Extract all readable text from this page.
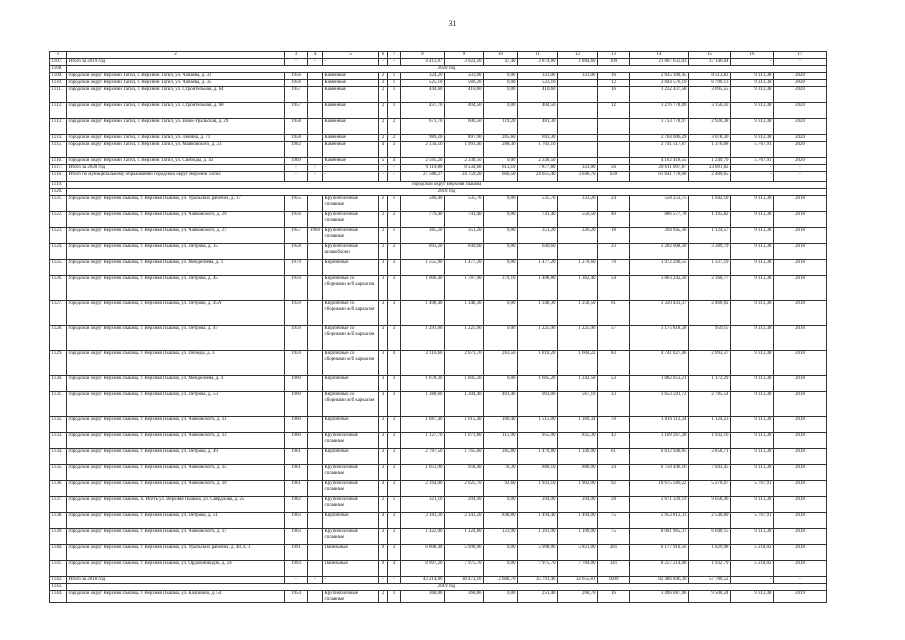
31
1	2	3	4	5	6	7	8	9	10	11	12	13	14	15	16	17
1107.	Итого за 2019 год	-	-	-	-	-	4 413,07	3 922,20	47,40	2 874,80	1 884,60	109	21 807 632,03	37 146,04	-	-
1108.	2020 год															
1109.	городской округ Верхний Тагил, г. Верхний Тагил, ул. Чапаева, д. 33	1956		Каменные	2	1	324,20	333,00	0,00	333,00	333,00	16	2 835 100,45	8 513,82	9 313,38	2020
1110.	городской округ Верхний Тагил, г. Верхний Тагил, ул. Чапаева, д. 35	1956		Каменные	2	1	525,10	566,20	0,00	523,10		12	3 844 576,19	6 790,13	9 313,38	2020
1111.	городской округ Верхний Тагил, г. Верхний Тагил, ул. Строительная, д. 64	1957		Каменные	2	1	444,60	410,60	0,00	410,60		16	1 232 437,58	3 095,55	9 313,38	2020
1112.	городской округ Верхний Тагил, г. Верхний Тагил, ул. Строительная, д. 68	1957		Каменные	2	1	437,70	404,50	0,00	404,50		12	1 276 778,09	3 156,43	9 313,38	2020
1113.	городской округ Верхний Тагил, г. Верхний Тагил, ул. Ново-Уральская, д. 29	1958		Каменные	2	2	671,70	600,50	119,20	481,30			1 733 778,97	2 920,38	9 313,38	2020
1114.	городской округ Верхний Тагил, г. Верхний Тагил, ул. Ленина, д. 71	1958		Каменные	2	2	989,20	897,90	205,60	692,30			2 764 006,29	3 078,30	9 313,38	2020
1115.	городской округ Верхний Тагил, г. Верхний Тагил, ул. Маяковского, д. 23	1962		Каменные	4	3	2 134,10	1 991,40	288,30	1 703,10			2 741 517,67	1 376,68	5 767,91	2020
1116.	городской округ Верхний Тагил, г. Верхний Тагил, ул. Свободы, д. 43	1969		Каменные	5	4	2 595,20	2 330,50	0,00	2 330,50			4 162 418,55	1 249,79	5 767,91	2020
1117.	Итого за 2020 год	-	-	-	-	-	9 119,80	8 534,60	613,10	7 877,80	333,00	56	20 611 097,87	23 091,82	-	-
1118.	Итого по муниципальному образованию городской округ Верхний Тагил	-	-	-	-	-	27 588,27	24 759,20	660,50	24 055,40	3 046,70	639	61 641 778,00	2 489,65	-	-
1119.	городской округ Верхняя Пышма															
1120.	2018 год															
1121.	городской округ Верхняя Пышма, г. Верхняя Пышма, ул. Уральских рабочих, д. 17	1955		Крупноблочные сплавные	2	1	580,40	535,70	0,00	535,70	333,20	24	558 253,75	1 042,10	9 313,38	2018
1122.	городской округ Верхняя Пышма, г. Верхняя Пышма, ул. Чайковского, д. 29	1956		Крупноблочные сплавные	2	2	779,40	741,40	0,00	741,40	550,50	40	886 577,78	1 195,82	9 313,38	2018
1123.	городской округ Верхняя Пышма, г. Верхняя Пышма, ул. Чайковского, д. 27	1957	1969	Крупноблочные сплавные	2	1	385,20	351,20	0,00	351,20	226,20	18	394 945,30	1 124,57	9 313,38	2018
1124.	городской округ Верхняя Пышма, г. Верхняя Пышма, ул. Петрова, д. 15	1958		Крупноблочные шлакоблоки	2	2	693,20	649,60	0,00	649,60		23	2 202 008,39	3 389,79	9 313,38	2018
1125.	городской округ Верхняя Пышма, г. Верхняя Пышма, ул. Менделеева, д. 1	1979		Кирпичные	3	3	1 555,90	1 477,20	0,00	1 477,20	1 270,60	70	1 972 290,55	1 337,19	9 313,38	2018
1126.	городской округ Верхняя Пышма, г. Верхняя Пышма, ул. Петрова, д. 45	1959		Кирпичные со сборными ж/б каркасом	3	3	1 906,40	1 787,90	379,10	1 408,80	1 362,40	54	3 863 242,20	2 160,77	9 313,38	2018
1127.	городской округ Верхняя Пышма, г. Верхняя Пышма, ул. Петрова, д. 45А	1959		Кирпичные со сборными ж/б каркасом	3	3	1 498,40	1 346,30	0,00	1 346,30	1 250,50	61	3 320 433,37	2 466,02	9 313,38	2018
1128.	городской округ Верхняя Пышма, г. Верхняя Пышма, ул. Петрова, д. 47	1959		Кирпичные со сборными ж/б каркасом	3	3	1 291,00	1 225,90	0,00	1 225,90	1 225,90	57	1 175 818,28	959,15	9 313,38	2018
1129.	городской округ Верхняя Пышма, г. Верхняя Пышма, ул. Победы, д. 3	1959		Кирпичные со сборными ж/б каркасом	3	4	2 116,60	2 073,70	263,50	1 810,20	1 604,22	83	4 741 027,46	2 093,37	9 313,38	2018
1130.	городской округ Верхняя Пышма, г. Верхняя Пышма, ул. Менделеева, д. 4	1960		Кирпичные	3	3	1 678,30	1 605,20	0,00	1 605,20	1 242,50	53	1 882 053,21	1 172,29	9 313,38	2018
1131.	городской округ Верхняя Пышма, г. Верхняя Пышма, ул. Петрова, д. 53	1960		Кирпичные со сборными ж/б каркасом	3	3	1 380,60	1 304,40	401,40	903,00	567,10	33	3 653 591,72	2 785,54	9 313,38	2018
1132.	городской округ Верхняя Пышма, г. Верхняя Пышма, ул. Чайковского, д. 31	1960		Кирпичные	3	3	1 687,40	1 615,40	100,40	1 515,00	1 369,34	70	1 816 112,24	1 124,23	9 313,38	2018
1133.	городской округ Верхняя Пышма, г. Верхняя Пышма, ул. Чайковского, д. 33	1960		Крупноблочные сплавные	3	2	1 127,70	1 071,80	115,90	955,90	835,30	42	1 109 267,28	1 032,16	9 313,38	2018
1134.	городской округ Верхняя Пышма, г. Верхняя Пышма, ул. Петрова, д. 49	1961		Кирпичные	3	3	2 787,50	1 765,60	285,80	1 479,80	1 349,00	61	6 812 940,85	3 858,71	9 313,38	2018
1135.	городской округ Верхняя Пышма, г. Верхняя Пышма, ул. Чайковского, д. 35	1961		Крупноблочные сплавные	3	2	1 051,90	958,40	70,30	888,10	888,00	34	6 750 446,16	7 043,45	9 313,38	2018
1136.	городской округ Верхняя Пышма, г. Верхняя Пышма, ул. Чайковского, д. 39	1961		Крупноблочные сплавные	4	3	2 164,00	2 025,70	92,60	1 933,10	1 902,00	92	10 675 589,22	5 270,07	5 767,91	2018
1137.	городской округ Верхняя Пышма, п. Исеть ул. Верхняя Пышма, ул. Свердлова, д. 25	1962		Крупноблочные сплавные	2	1	321,10	294,90	0,00	294,90	294,90	28	2 671 339,19	9 058,46	9 313,38	2018
1138.	городской округ Верхняя Пышма, г. Верхняя Пышма, ул. Петрова, д. 51	1963		Кирпичные	4	3	3 181,20	2 343,20	848,80	1 494,40	1 494,00	75	5 953 812,33	2 540,89	5 767,91	2018
1139.	городской округ Верхняя Пышма, г. Верхняя Пышма, ул. Чайковского, д. 37	1963		Крупноблочные сплавные	3	2	1 422,90	1 324,80	123,90	1 201,90	1 109,00	75	8 001 965,37	6 040,15	9 313,38	2018
1140.	городской округ Верхняя Пышма, г. Верхняя Пышма, ул. Уральских рабочих, д. 48, к. 1	1991		Панельные	9	3	6 808,48	5 998,06	0,00	5 998,06	5 821,00	281	6 177 910,56	1 029,98	5 218,02	2018
1141.	городской округ Верхняя Пышма, г. Верхняя Пышма, ул. Орджоникидзе, д. 24	1993		Панельные	9	4	8 997,20	7 975,70	0,00	7 975,70	7 784,00	341	8 257 214,08	1 032,79	5 218,02	2018
1142.	Итого за 2018 год	-	-	-	-	-	43 214,06	38 472,16	2 680,70	35 791,46	32 655,81	1609	82 466 846,39	57 780,52	-	-
1143.	2019 год															
1144.	городской округ Верхняя Пышма, г. Верхняя Пышма, ул. Калинина, д. 54	1954		Крупноблочные сплавные	2	1	368,00	368,00	0,00	251,40	268,70	16	3 496 087,96	9 500,24	9 313,38	2019
